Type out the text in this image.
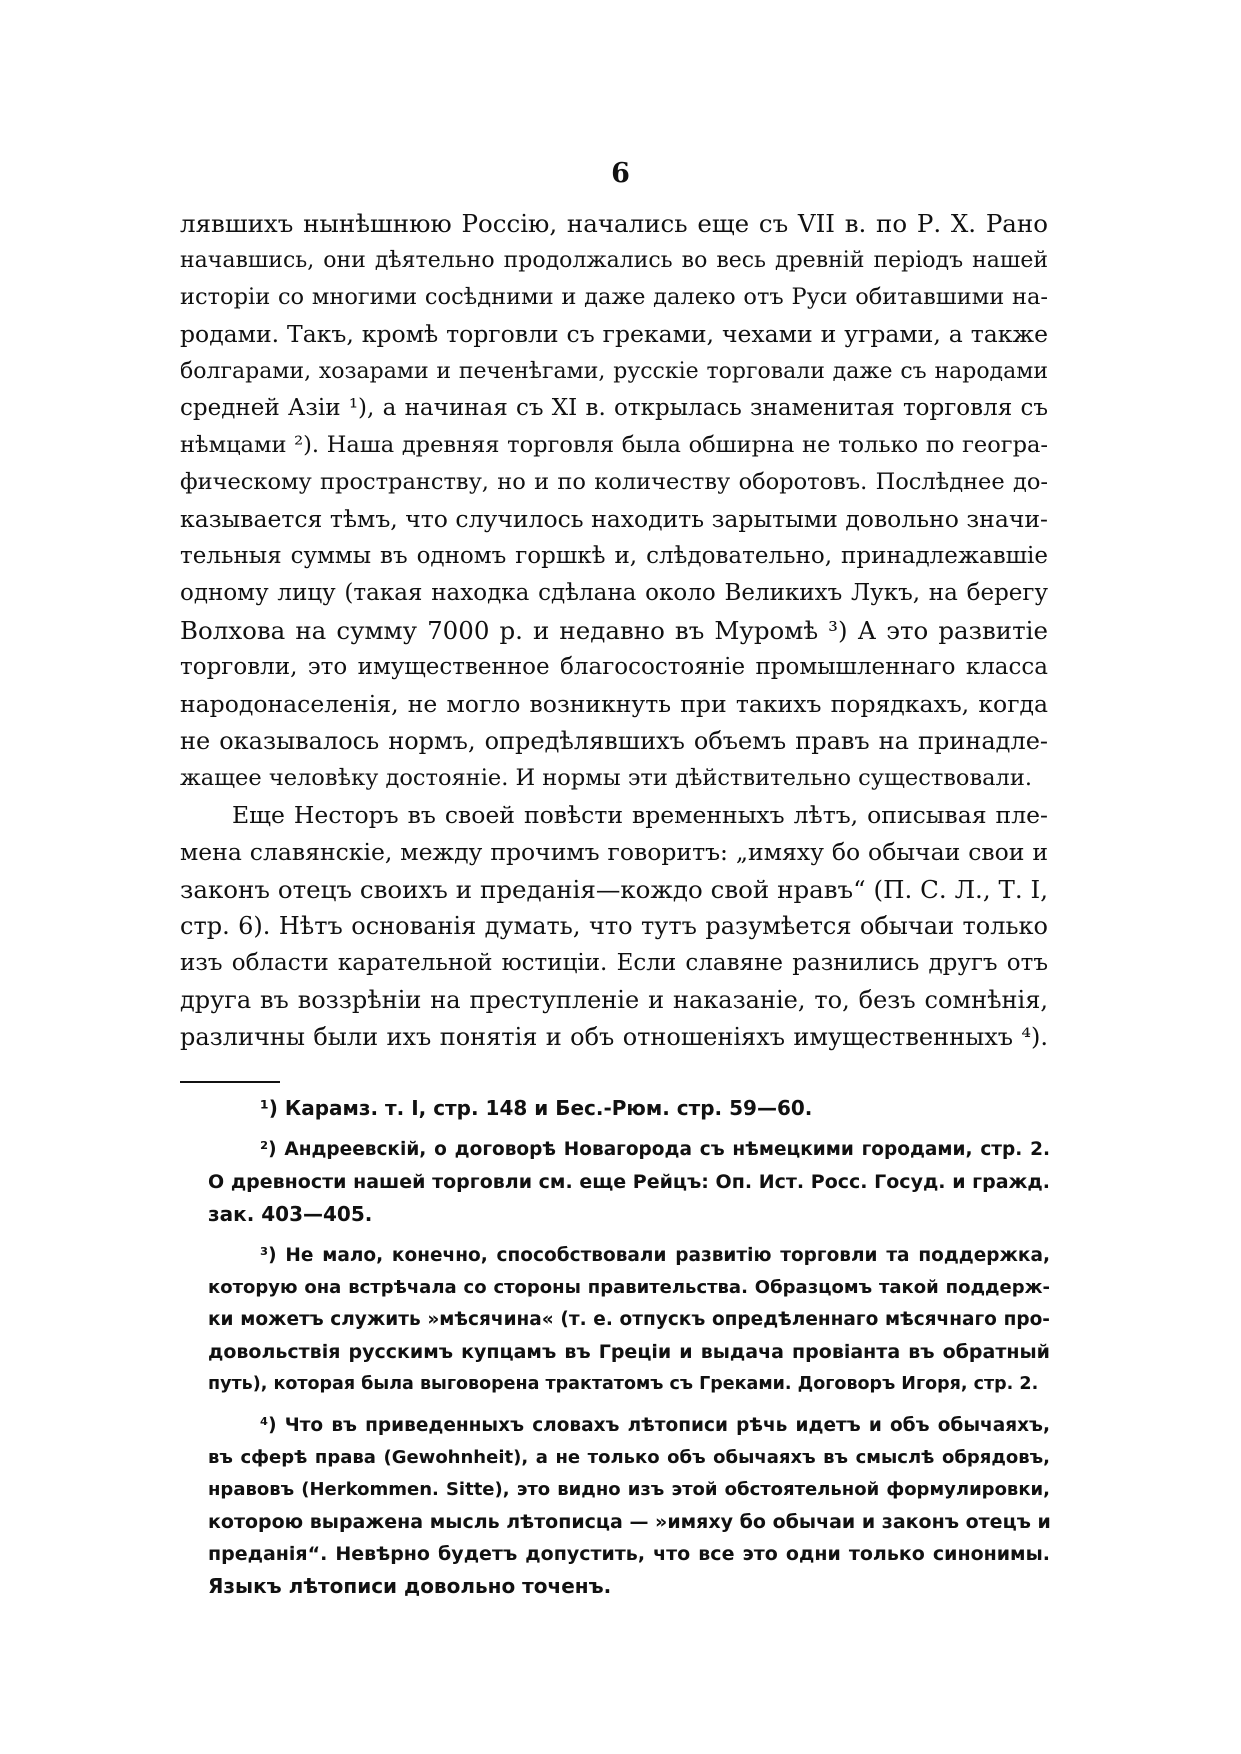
6
лявшихъ нынѣшнюю Россію, начались еще съ VII в. по Р. Х. Рано
начавшись, они дѣятельно продолжались во весь древній періодъ нашей
исторіи со многими сосѣдними и даже далеко отъ Руси обитавшими на-
родами. Такъ, кромѣ торговли съ греками, чехами и уграми, а также
болгарами, хозарами и печенѣгами, русскіе торговали даже съ народами
средней Азіи ¹), а начиная съ XI в. открылась знаменитая торговля съ
нѣмцами ²). Наша древняя торговля была обширна не только по геогра-
фическому пространству, но и по количеству оборотовъ. Послѣднее до-
казывается тѣмъ, что случилось находить зарытыми довольно значи-
тельныя суммы въ одномъ горшкѣ и, слѣдовательно, принадлежавшіе
одному лицу (такая находка сдѣлана около Великихъ Лукъ, на берегу
Волхова на сумму 7000 р. и недавно въ Муромѣ ³) А это развитіе
торговли, это имущественное благосостояніе промышленнаго класса
народонаселенія, не могло возникнуть при такихъ порядкахъ, когда
не оказывалось нормъ, опредѣлявшихъ объемъ правъ на принадле-
жащее человѣку достояніе. И нормы эти дѣйствительно существовали.
Еще Несторъ въ своей повѣсти временныхъ лѣтъ, описывая пле-
мена славянскіе, между прочимъ говоритъ: „имяху бо обычаи свои и
законъ отецъ своихъ и преданія—кождо свой нравъ“ (П. С. Л., Т. I,
стр. 6). Нѣтъ основанія думать, что тутъ разумѣется обычаи только
изъ области карательной юстиціи. Если славяне разнились другъ отъ
друга въ воззрѣніи на преступленіе и наказаніе, то, безъ сомнѣнія,
различны были ихъ понятія и объ отношеніяхъ имущественныхъ ⁴).
¹) Карамз. т. I, стр. 148 и Бес.-Рюм. стр. 59—60.
²) Андреевскій, о договорѣ Новагорода съ нѣмецкими городами, стр. 2.
О древности нашей торговли см. еще Рейцъ: Оп. Ист. Росс. Госуд. и гражд.
зак. 403—405.
³) Не мало, конечно, способствовали развитію торговли та поддержка,
которую она встрѣчала со стороны правительства. Образцомъ такой поддерж-
ки можетъ служить »мѣсячина« (т. е. отпускъ опредѣленнаго мѣсячнаго про-
довольствія русскимъ купцамъ въ Греціи и выдача провіанта въ обратный
путь), которая была выговорена трактатомъ съ Греками. Договоръ Игоря, стр. 2.
⁴) Что въ приведенныхъ словахъ лѣтописи рѣчь идетъ и объ обычаяхъ,
въ сферѣ права (Gewohnheit), а не только объ обычаяхъ въ смыслѣ обрядовъ,
нравовъ (Herkommen. Sitte), это видно изъ этой обстоятельной формулировки,
которою выражена мысль лѣтописца — »имяху бо обычаи и законъ отецъ и
преданія“. Невѣрно будетъ допустить, что все это одни только синонимы.
Языкъ лѣтописи довольно точенъ.
